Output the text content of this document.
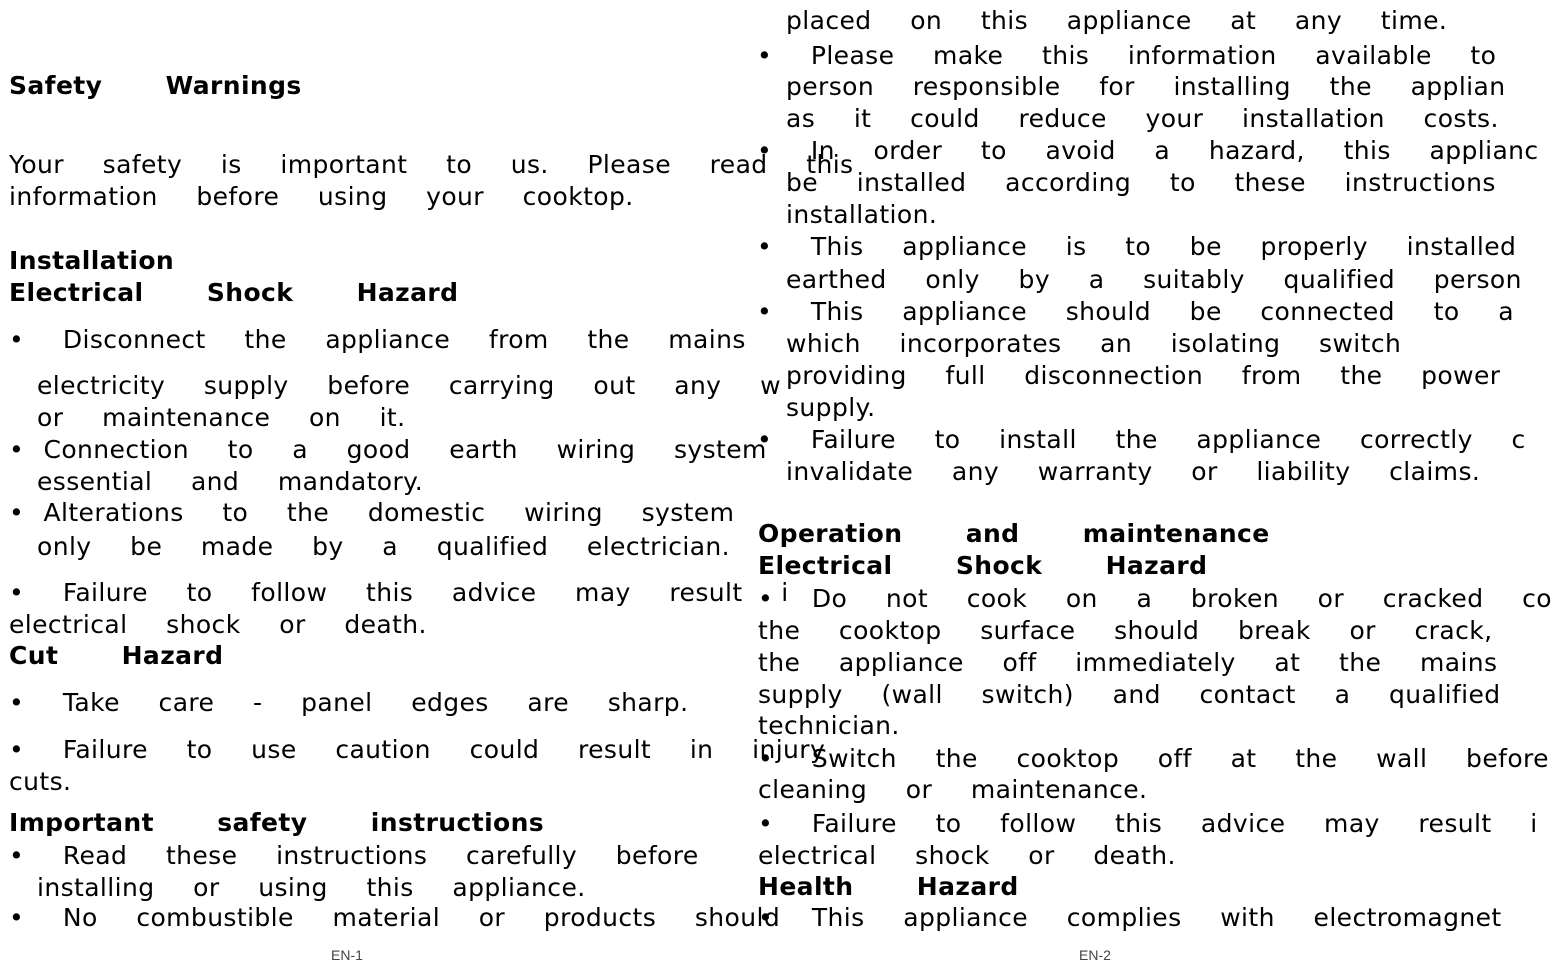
Safety   Warnings
Your  safety  is  important  to  us.  Please  read  this
information  before  using  your  cooktop.
Installation
Electrical   Shock   Hazard
•  Disconnect  the  appliance  from  the  mains
electricity  supply  before  carrying  out  any  w
or  maintenance  on  it.
• Connection  to  a  good  earth  wiring  system
essential  and  mandatory.
• Alterations  to  the  domestic  wiring  system
only  be  made  by  a  qualified  electrician.
•  Failure  to  follow  this  advice  may  result  i
electrical  shock  or  death.
Cut   Hazard
•  Take  care  -  panel  edges  are  sharp.
•  Failure  to  use  caution  could  result  in  injury
cuts.
Important   safety   instructions
•  Read  these  instructions  carefully  before
installing  or  using  this  appliance.
•  No  combustible  material  or  products  should
EN-1
placed  on  this  appliance  at  any  time.
•  Please  make  this  information  available  to
person  responsible  for  installing  the  applian
as  it  could  reduce  your  installation  costs.
•  In  order  to  avoid  a  hazard,  this  applianc
be  installed  according  to  these  instructions
installation.
•  This  appliance  is  to  be  properly  installed
earthed  only  by  a  suitably  qualified  person
•  This  appliance  should  be  connected  to  a
which  incorporates  an  isolating  switch
providing  full  disconnection  from  the  power
supply.
•  Failure  to  install  the  appliance  correctly  c
invalidate  any  warranty  or  liability  claims.
Operation   and   maintenance
Electrical   Shock   Hazard
•  Do  not  cook  on  a  broken  or  cracked  co
the  cooktop  surface  should  break  or  crack,
the  appliance  off  immediately  at  the  mains
supply  (wall  switch)  and  contact  a  qualified
technician.
•  Switch  the  cooktop  off  at  the  wall  before
cleaning  or  maintenance.
•  Failure  to  follow  this  advice  may  result  i
electrical  shock  or  death.
Health   Hazard
•  This  appliance  complies  with  electromagnet
EN-2
